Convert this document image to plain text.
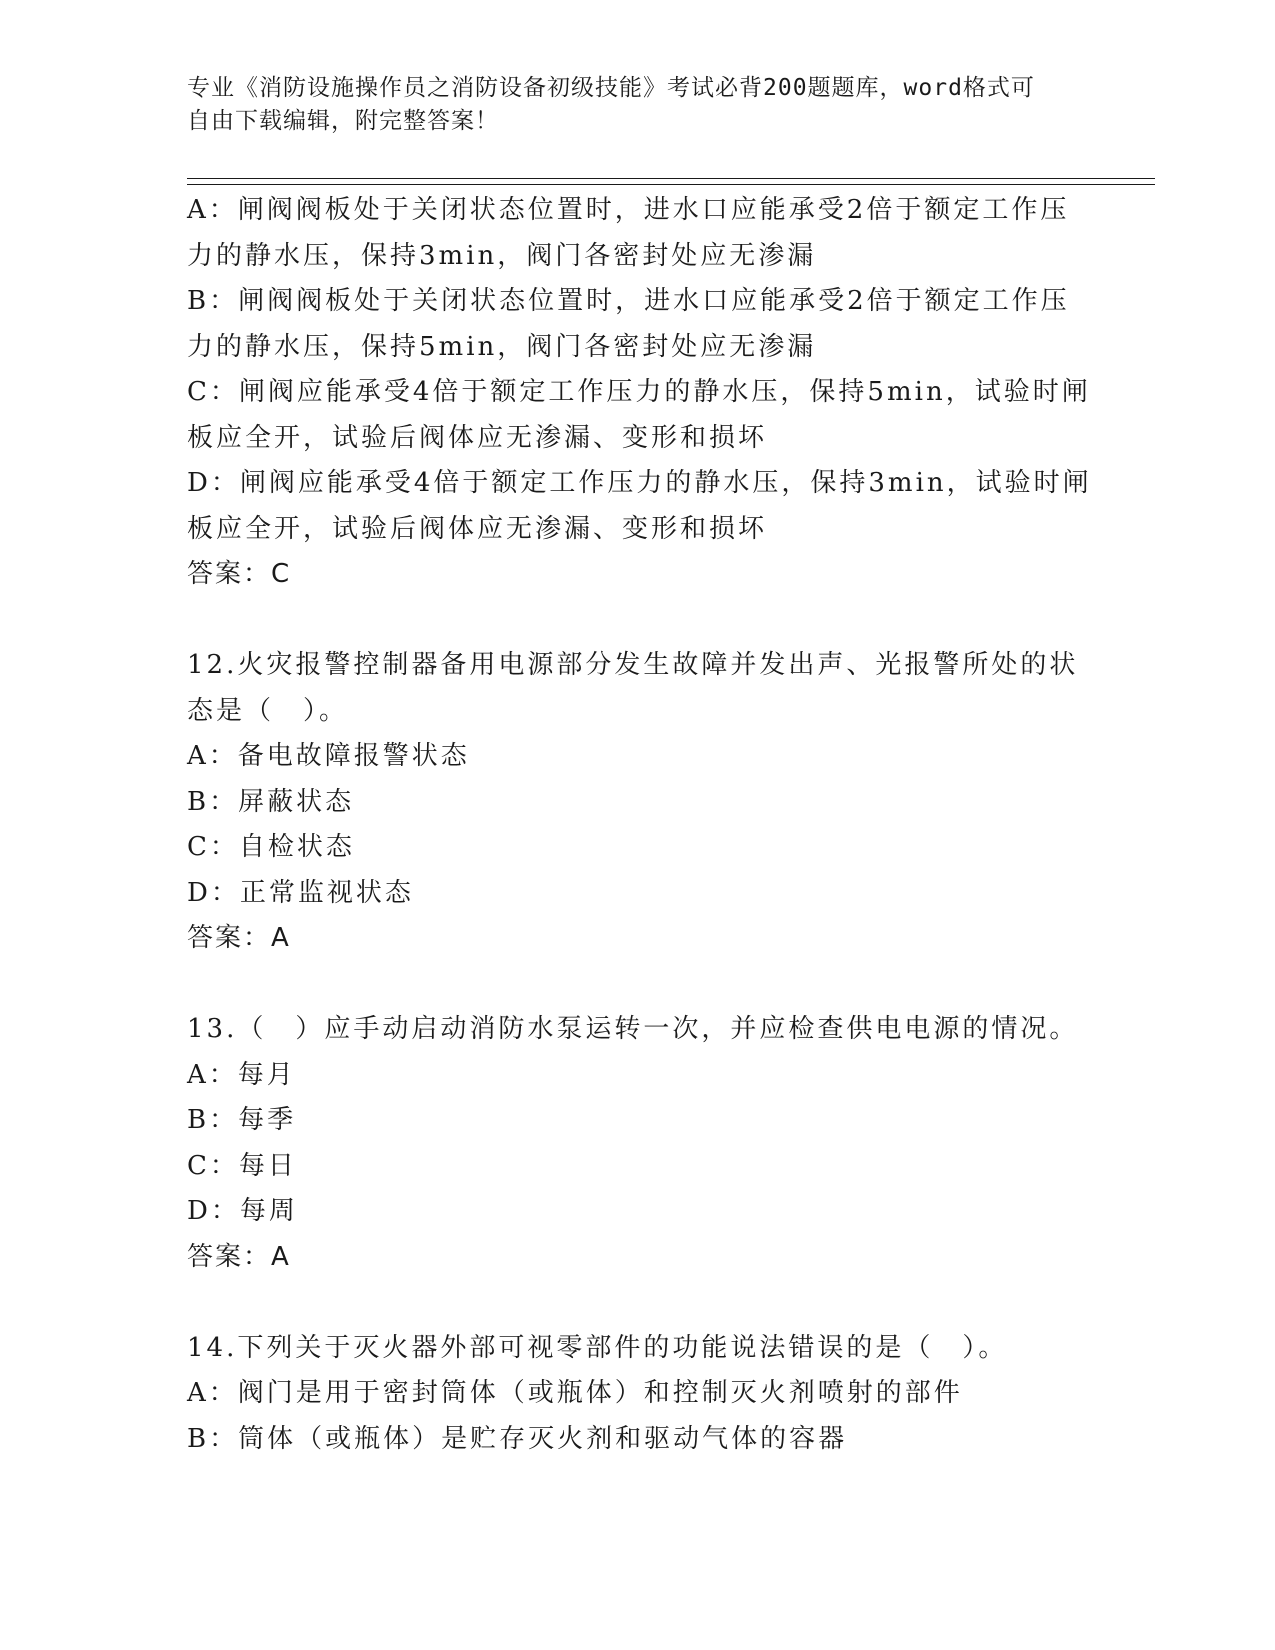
专业《消防设施操作员之消防设备初级技能》考试必背200题题库，word格式可
自由下载编辑，附完整答案！
A：闸阀阀板处于关闭状态位置时，进水口应能承受2倍于额定工作压
力的静水压，保持3min，阀门各密封处应无渗漏
B：闸阀阀板处于关闭状态位置时，进水口应能承受2倍于额定工作压
力的静水压，保持5min，阀门各密封处应无渗漏
C：闸阀应能承受4倍于额定工作压力的静水压，保持5min，试验时闸
板应全开，试验后阀体应无渗漏、变形和损坏
D：闸阀应能承受4倍于额定工作压力的静水压，保持3min，试验时闸
板应全开，试验后阀体应无渗漏、变形和损坏
答案：C
12.火灾报警控制器备用电源部分发生故障并发出声、光报警所处的状
态是（　）。
A：备电故障报警状态
B：屏蔽状态
C：自检状态
D：正常监视状态
答案：A
13.（　）应手动启动消防水泵运转一次，并应检查供电电源的情况。
A：每月
B：每季
C：每日
D：每周
答案：A
14.下列关于灭火器外部可视零部件的功能说法错误的是（　）。
A：阀门是用于密封筒体（或瓶体）和控制灭火剂喷射的部件
B：筒体（或瓶体）是贮存灭火剂和驱动气体的容器
